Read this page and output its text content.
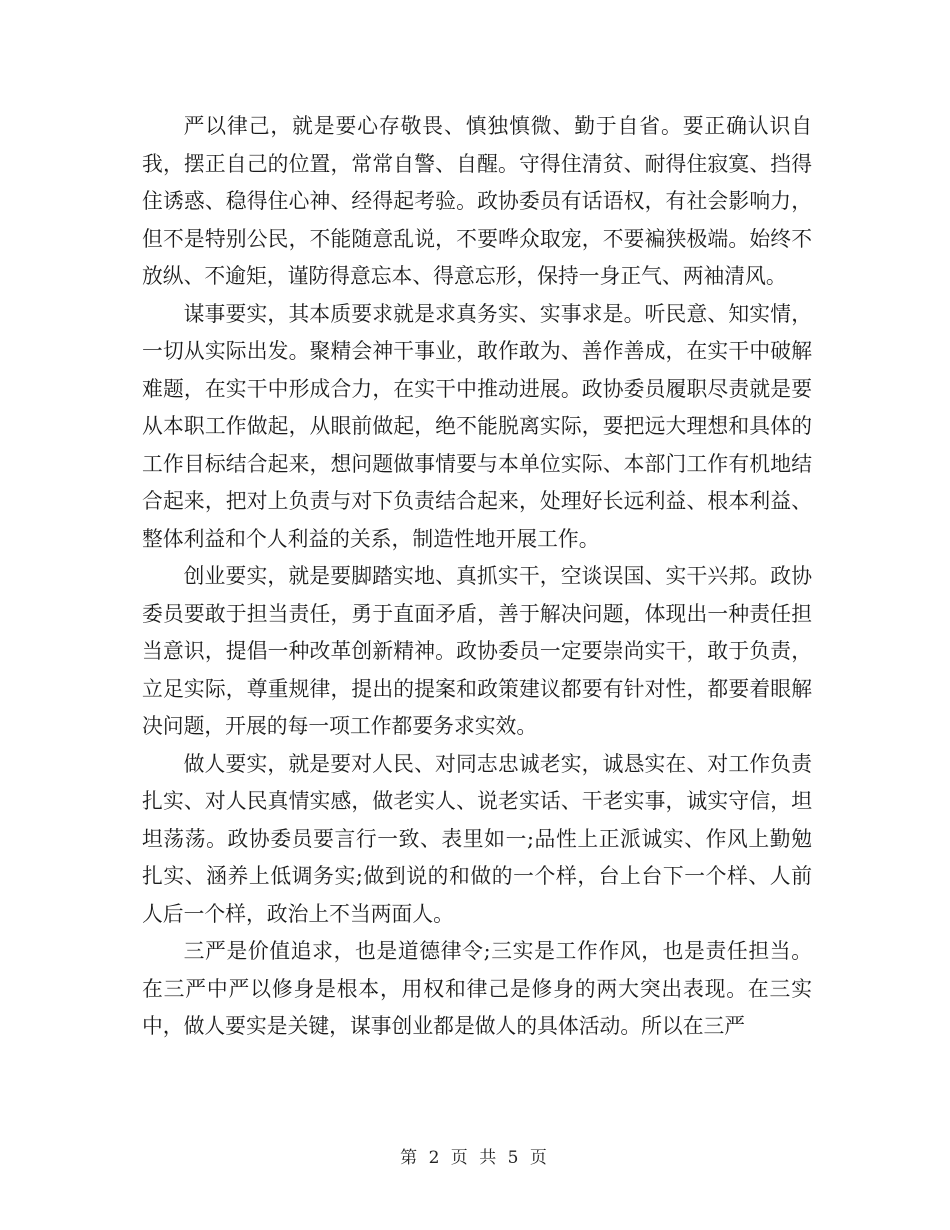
严以律己，就是要心存敬畏、慎独慎微、勤于自省。要正确认识自我，摆正自己的位置，常常自警、自醒。守得住清贫、耐得住寂寞、挡得住诱惑、稳得住心神、经得起考验。政协委员有话语权，有社会影响力，但不是特别公民，不能随意乱说，不要哗众取宠，不要褊狭极端。始终不放纵、不逾矩，谨防得意忘本、得意忘形，保持一身正气、两袖清风。

谋事要实，其本质要求就是求真务实、实事求是。听民意、知实情，一切从实际出发。聚精会神干事业，敢作敢为、善作善成，在实干中破解难题，在实干中形成合力，在实干中推动进展。政协委员履职尽责就是要从本职工作做起，从眼前做起，绝不能脱离实际，要把远大理想和具体的工作目标结合起来，想问题做事情要与本单位实际、本部门工作有机地结合起来，把对上负责与对下负责结合起来，处理好长远利益、根本利益、整体利益和个人利益的关系，制造性地开展工作。

创业要实，就是要脚踏实地、真抓实干，空谈误国、实干兴邦。政协委员要敢于担当责任，勇于直面矛盾，善于解决问题，体现出一种责任担当意识，提倡一种改革创新精神。政协委员一定要崇尚实干，敢于负责，立足实际，尊重规律，提出的提案和政策建议都要有针对性，都要着眼解决问题，开展的每一项工作都要务求实效。

做人要实，就是要对人民、对同志忠诚老实，诚恳实在、对工作负责扎实、对人民真情实感，做老实人、说老实话、干老实事，诚实守信，坦坦荡荡。政协委员要言行一致、表里如一;品性上正派诚实、作风上勤勉扎实、涵养上低调务实;做到说的和做的一个样，台上台下一个样、人前人后一个样，政治上不当两面人。

三严是价值追求，也是道德律令;三实是工作作风，也是责任担当。在三严中严以修身是根本，用权和律己是修身的两大突出表现。在三实中，做人要实是关键，谋事创业都是做人的具体活动。所以在三严

第 2 页 共 5 页
